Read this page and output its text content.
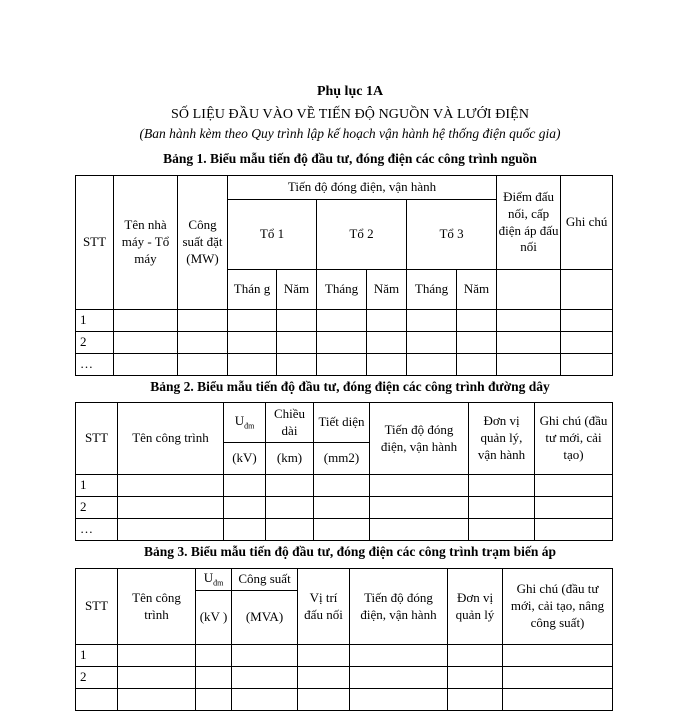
Phụ lục 1A
SỐ LIỆU ĐẦU VÀO VỀ TIẾN ĐỘ NGUỒN VÀ LƯỚI ĐIỆN
(Ban hành kèm theo Quy trình lập kế hoạch vận hành hệ thống điện quốc gia)
Bảng 1. Biểu mẫu tiến độ đầu tư, đóng điện các công trình nguồn
STT	Tên nhà máy - Tổ máy	Công suất đặt (MW)	Tiến độ đóng điện, vận hành						Điểm đấu nối, cấp điện áp đấu nối	Ghi chú
			Tổ 1		Tổ 2		Tổ 3			
			Thán g	Năm	Tháng	Năm	Tháng	Năm		
1										
2										
…										
Bảng 2. Biểu mẫu tiến độ đầu tư, đóng điện các công trình đường dây
STT	Tên công trình	$U_{đm}$	Chiều dài	Tiết diện	Tiến độ đóng điện, vận hành	Đơn vị quản lý, vận hành	Ghi chú (đầu tư mới, cải tạo)
		(kV)	(km)	(mm2)			
1							
2							
…							
Bảng 3. Biểu mẫu tiến độ đầu tư, đóng điện các công trình trạm biến áp
STT	Tên công trình	$U_{đm}$	Công suất	Vị trí đấu nối	Tiến độ đóng điện, vận hành	Đơn vị quản lý	Ghi chú (đầu tư mới, cải tạo, nâng công suất)
		(kV )	(MVA)				
1							
2							
